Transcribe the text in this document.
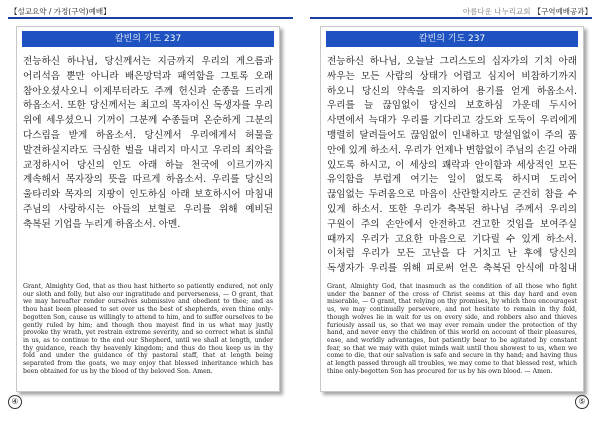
【설교요약 / 가정(구역)예배】
칼빈의 기도 237
전능하신 하나님, 당신께서는 지금까지 우리의 게으름과 어리석음 뿐만 아니라 배은망덕과 패역함을 그토록 오래 참아오셨사오니 이제부터라도 주께 헌신과 순종을 드리게 하옵소서. 또한 당신께서는 최고의 목자이신 독생자를 우리 위에 세우셨으니 기꺼이 그분께 수종들며 온순하게 그분의 다스림을 받게 하옵소서. 당신께서 우리에게서 허물을 발견하실지라도 극심한 벌을 내리지 마시고 우리의 죄악을 교정하시어 당신의 인도 아래 하늘 천국에 이르기까지 계속해서 목자장의 뜻을 따르게 하옵소서. 우리를 당신의 울타리와 목자의 지팡이 인도하심 아래 보호하시어 마침내 주님의 사랑하시는 아들의 보혈로 우리를 위해 예비된 축복된 기업을 누리게 하옵소서. 아멘.
Grant, Almighty God, that as thou hast hitherto so patiently endured, not only our sloth and folly, but also our ingratitude and perverseness, — O grant, that we may hereafter render ourselves submissive and obedient to thee; and as thou hast been pleased to set over us the best of shepherds, even thine only-begotten Son, cause us willingly to attend to him, and to suffer ourselves to be gently ruled by him; and though thou mayest find in us what may justly provoke thy wrath, yet restrain extreme severity, and so correct what is sinful in us, as to continue to the end our Shepherd, until we shall at length, under thy guidance, reach thy heavenly kingdom; and thus do thou keep us in thy fold and under the guidance of thy pastoral staff, that at length being separated from the goats, we may enjoy that blessed inheritance which has been obtained for us by the blood of thy beloved Son. Amen.
④
아름다운 나누리교회 【구역예배공과】
칼빈의 기도 237
전능하신 하나님, 오늘날 그리스도의 십자가의 기치 아래 싸우는 모든 사람의 상태가 어렵고 심지어 비참하기까지 하오니 당신의 약속을 의지하여 용기를 얻게 하옵소서. 우리를 늘 끊임없이 당신의 보호하심 가운데 두시어 사면에서 늑대가 우리를 기다리고 강도와 도둑이 우리에게 맹렬히 달려들어도 끊임없이 인내하고 망설임없이 주의 품 안에 있게 하소서. 우리가 언제나 변함없이 주님의 손길 아래 있도록 하시고, 이 세상의 쾌락과 안이함과 세상적인 모든 유익함을 부럽게 여기는 일이 없도록 하시며 도리어 끊임없는 두려움으로 마음이 산란할지라도 굳건히 참을 수 있게 하소서. 또한 우리가 축복된 하나님 주께서 우리의 구원이 주의 손안에서 안전하고 견고한 것임을 보여주실 때까지 우리가 고요한 마음으로 기다릴 수 있게 하소서. 이처럼 우리가 모든 고난을 다 거치고 난 후에 당신의 독생자가 우리를 위해 피로써 얻은 축복된 안식에 마침내
Grant, Almighty God, that inasmuch as the condition of all those who fight under the banner of the cross of Christ seems at this day hard and even miserable, — O grant, that relying on thy promises, by which thou encouragest us, we may continually persevere, and not hesitate to remain in thy fold, though wolves lie in wait for us on every side, and robbers also and thieves furiously assail us, so that we may ever remain under the protection of thy hand, and never envy the children of this world on account of their pleasures, ease, and worldly advantages, but patiently bear to be agitated by constant fear, so that we may with quiet minds wait until thou showest to us, when we come to die, that our salvation is safe and secure in thy hand; and having thus at length passed through all troubles, we may come to that blessed rest, which thine only-begotten Son has procured for us by his own blood. — Amen.
⑤
